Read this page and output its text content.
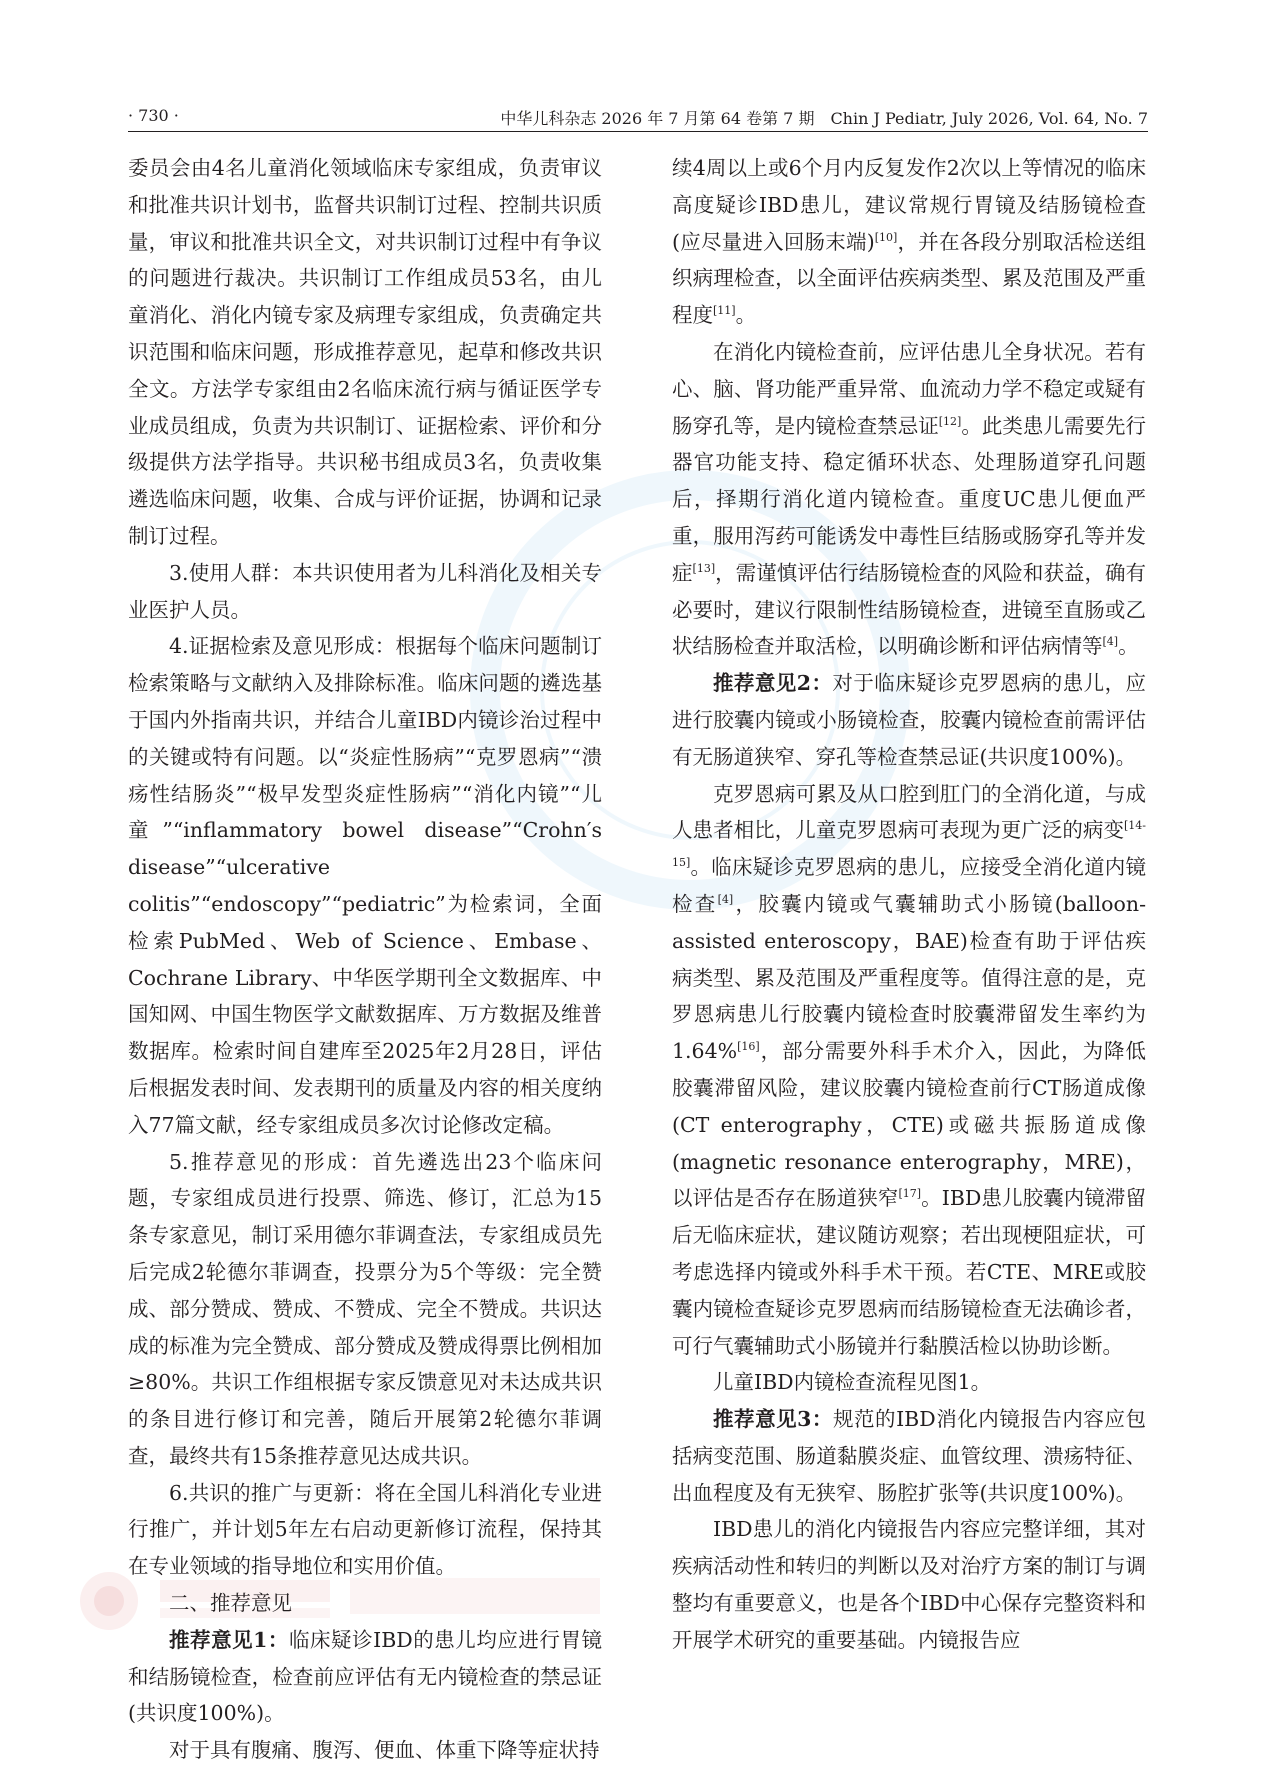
· 730 ·	中华儿科杂志 2026 年 7 月第 64 卷第 7 期　Chin J Pediatr, July 2026, Vol. 64, No. 7

委员会由4名儿童消化领域临床专家组成，负责审议和批准共识计划书，监督共识制订过程、控制共识质量，审议和批准共识全文，对共识制订过程中有争议的问题进行裁决。共识制订工作组成员53名，由儿童消化、消化内镜专家及病理专家组成，负责确定共识范围和临床问题，形成推荐意见，起草和修改共识全文。方法学专家组由2名临床流行病与循证医学专业成员组成，负责为共识制订、证据检索、评价和分级提供方法学指导。共识秘书组成员3名，负责收集遴选临床问题，收集、合成与评价证据，协调和记录制订过程。

3.使用人群：本共识使用者为儿科消化及相关专业医护人员。

4.证据检索及意见形成：根据每个临床问题制订检索策略与文献纳入及排除标准。临床问题的遴选基于国内外指南共识，并结合儿童IBD内镜诊治过程中的关键或特有问题。以“炎症性肠病”“克罗恩病”“溃疡性结肠炎”“极早发型炎症性肠病”“消化内镜”“儿童”“inflammatory bowel disease”“Crohn′s disease”“ulcerative colitis”“endoscopy”“pediatric”为检索词，全面检索PubMed、Web of Science、Embase、Cochrane Library、中华医学期刊全文数据库、中国知网、中国生物医学文献数据库、万方数据及维普数据库。检索时间自建库至2025年2月28日，评估后根据发表时间、发表期刊的质量及内容的相关度纳入77篇文献，经专家组成员多次讨论修改定稿。

5.推荐意见的形成：首先遴选出23个临床问题，专家组成员进行投票、筛选、修订，汇总为15条专家意见，制订采用德尔菲调查法，专家组成员先后完成2轮德尔菲调查，投票分为5个等级：完全赞成、部分赞成、赞成、不赞成、完全不赞成。共识达成的标准为完全赞成、部分赞成及赞成得票比例相加≥80%。共识工作组根据专家反馈意见对未达成共识的条目进行修订和完善，随后开展第2轮德尔菲调查，最终共有15条推荐意见达成共识。

6.共识的推广与更新：将在全国儿科消化专业进行推广，并计划5年左右启动更新修订流程，保持其在专业领域的指导地位和实用价值。

二、推荐意见

推荐意见1：临床疑诊IBD的患儿均应进行胃镜和结肠镜检查，检查前应评估有无内镜检查的禁忌证(共识度100%)。

对于具有腹痛、腹泻、便血、体重下降等症状持

续4周以上或6个月内反复发作2次以上等情况的临床高度疑诊IBD患儿，建议常规行胃镜及结肠镜检查(应尽量进入回肠末端)[10]，并在各段分别取活检送组织病理检查，以全面评估疾病类型、累及范围及严重程度[11]。

在消化内镜检查前，应评估患儿全身状况。若有心、脑、肾功能严重异常、血流动力学不稳定或疑有肠穿孔等，是内镜检查禁忌证[12]。此类患儿需要先行器官功能支持、稳定循环状态、处理肠道穿孔问题后，择期行消化道内镜检查。重度UC患儿便血严重，服用泻药可能诱发中毒性巨结肠或肠穿孔等并发症[13]，需谨慎评估行结肠镜检查的风险和获益，确有必要时，建议行限制性结肠镜检查，进镜至直肠或乙状结肠检查并取活检，以明确诊断和评估病情等[4]。

推荐意见2：对于临床疑诊克罗恩病的患儿，应进行胶囊内镜或小肠镜检查，胶囊内镜检查前需评估有无肠道狭窄、穿孔等检查禁忌证(共识度100%)。

克罗恩病可累及从口腔到肛门的全消化道，与成人患者相比，儿童克罗恩病可表现为更广泛的病变[14-15]。临床疑诊克罗恩病的患儿，应接受全消化道内镜检查[4]，胶囊内镜或气囊辅助式小肠镜(balloon-assisted enteroscopy，BAE)检查有助于评估疾病类型、累及范围及严重程度等。值得注意的是，克罗恩病患儿行胶囊内镜检查时胶囊滞留发生率约为1.64%[16]，部分需要外科手术介入，因此，为降低胶囊滞留风险，建议胶囊内镜检查前行CT肠道成像(CT enterography，CTE)或磁共振肠道成像(magnetic resonance enterography，MRE)，以评估是否存在肠道狭窄[17]。IBD患儿胶囊内镜滞留后无临床症状，建议随访观察；若出现梗阻症状，可考虑选择内镜或外科手术干预。若CTE、MRE或胶囊内镜检查疑诊克罗恩病而结肠镜检查无法确诊者，可行气囊辅助式小肠镜并行黏膜活检以协助诊断。

儿童IBD内镜检查流程见图1。

推荐意见3：规范的IBD消化内镜报告内容应包括病变范围、肠道黏膜炎症、血管纹理、溃疡特征、出血程度及有无狭窄、肠腔扩张等(共识度100%)。

IBD患儿的消化内镜报告内容应完整详细，其对疾病活动性和转归的判断以及对治疗方案的制订与调整均有重要意义，也是各个IBD中心保存完整资料和开展学术研究的重要基础。内镜报告应
